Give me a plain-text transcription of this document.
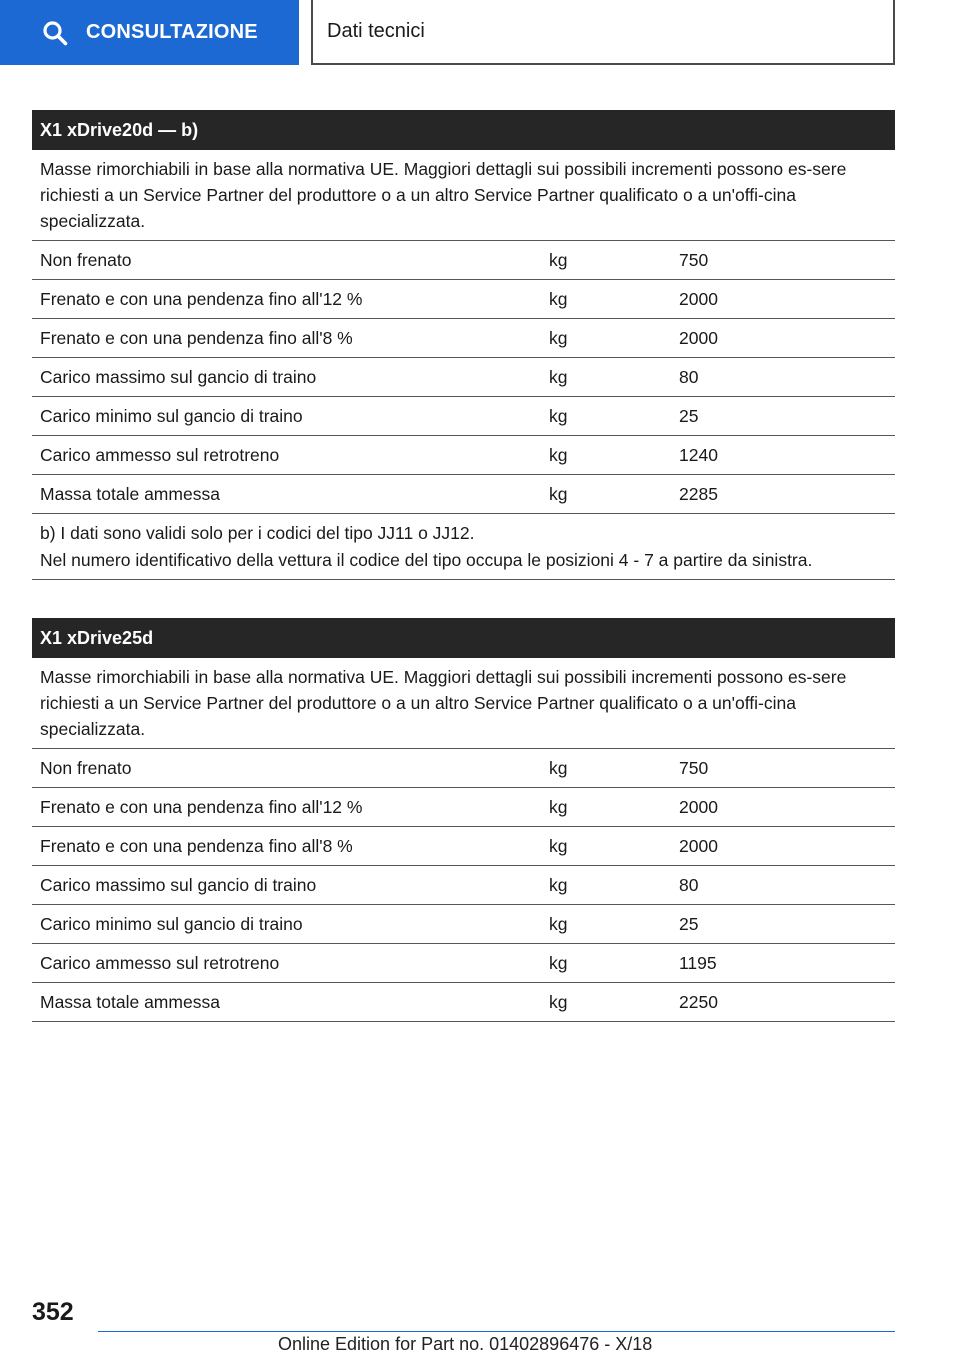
CONSULTAZIONE	Dati tecnici
X1 xDrive20d — b)
Masse rimorchiabili in base alla normativa UE. Maggiori dettagli sui possibili incrementi possono es-sere richiesti a un Service Partner del produttore o a un altro Service Partner qualificato o a un'offi-cina specializzata.
Non frenato	kg	750
Frenato e con una pendenza fino all'12 %	kg	2000
Frenato e con una pendenza fino all'8 %	kg	2000
Carico massimo sul gancio di traino	kg	80
Carico minimo sul gancio di traino	kg	25
Carico ammesso sul retrotreno	kg	1240
Massa totale ammessa	kg	2285
b) I dati sono validi solo per i codici del tipo JJ11 o JJ12.
Nel numero identificativo della vettura il codice del tipo occupa le posizioni 4 - 7 a partire da sinistra.
X1 xDrive25d
Masse rimorchiabili in base alla normativa UE. Maggiori dettagli sui possibili incrementi possono es-sere richiesti a un Service Partner del produttore o a un altro Service Partner qualificato o a un'offi-cina specializzata.
Non frenato	kg	750
Frenato e con una pendenza fino all'12 %	kg	2000
Frenato e con una pendenza fino all'8 %	kg	2000
Carico massimo sul gancio di traino	kg	80
Carico minimo sul gancio di traino	kg	25
Carico ammesso sul retrotreno	kg	1195
Massa totale ammessa	kg	2250
352
Online Edition for Part no. 01402896476 - X/18
